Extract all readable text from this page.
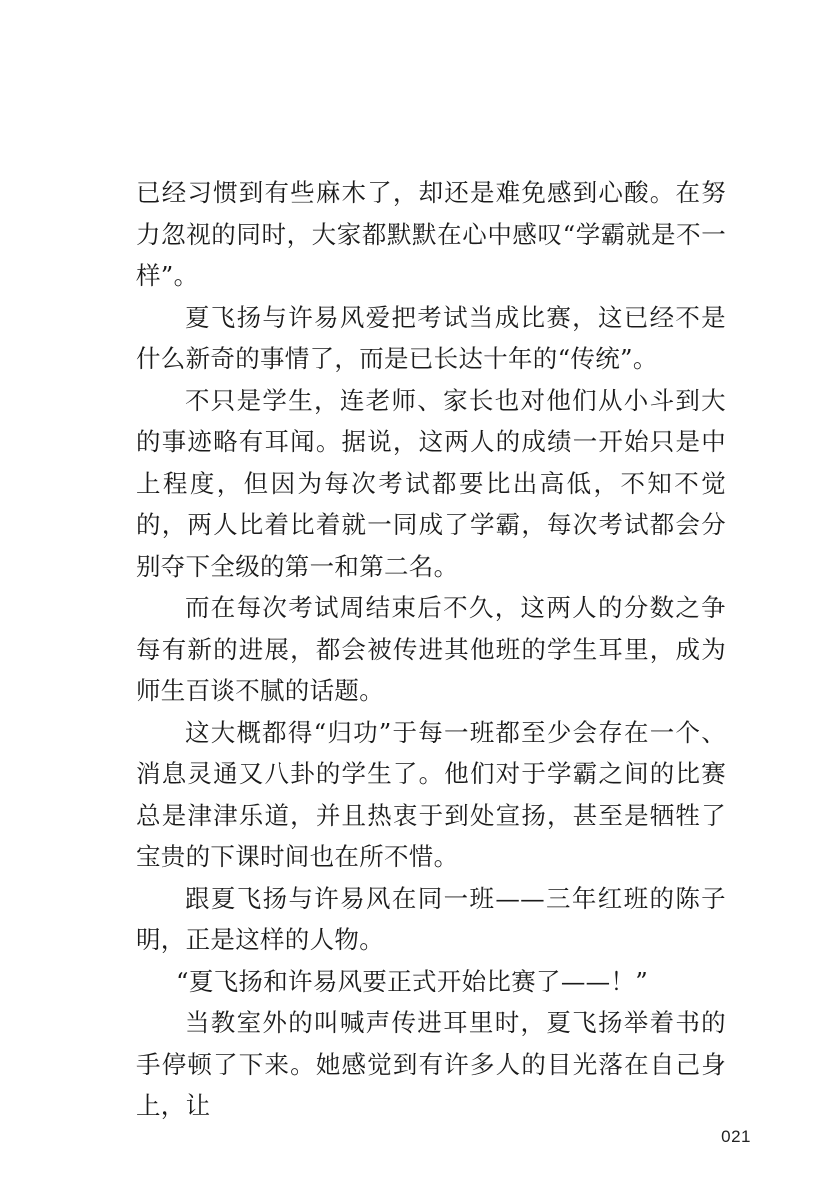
已经习惯到有些麻木了，却还是难免感到心酸。在努力忽视的同时，大家都默默在心中感叹“学霸就是不一样”。

夏飞扬与许易风爱把考试当成比赛，这已经不是什么新奇的事情了，而是已长达十年的“传统”。

不只是学生，连老师、家长也对他们从小斗到大的事迹略有耳闻。据说，这两人的成绩一开始只是中上程度，但因为每次考试都要比出高低，不知不觉的，两人比着比着就一同成了学霸，每次考试都会分别夺下全级的第一和第二名。

而在每次考试周结束后不久，这两人的分数之争每有新的进展，都会被传进其他班的学生耳里，成为师生百谈不腻的话题。

这大概都得“归功”于每一班都至少会存在一个、消息灵通又八卦的学生了。他们对于学霸之间的比赛总是津津乐道，并且热衷于到处宣扬，甚至是牺牲了宝贵的下课时间也在所不惜。

跟夏飞扬与许易风在同一班——三年红班的陈子明，正是这样的人物。

“夏飞扬和许易风要正式开始比赛了——！”

当教室外的叫喊声传进耳里时，夏飞扬举着书的手停顿了下来。她感觉到有许多人的目光落在自己身上，让

021
